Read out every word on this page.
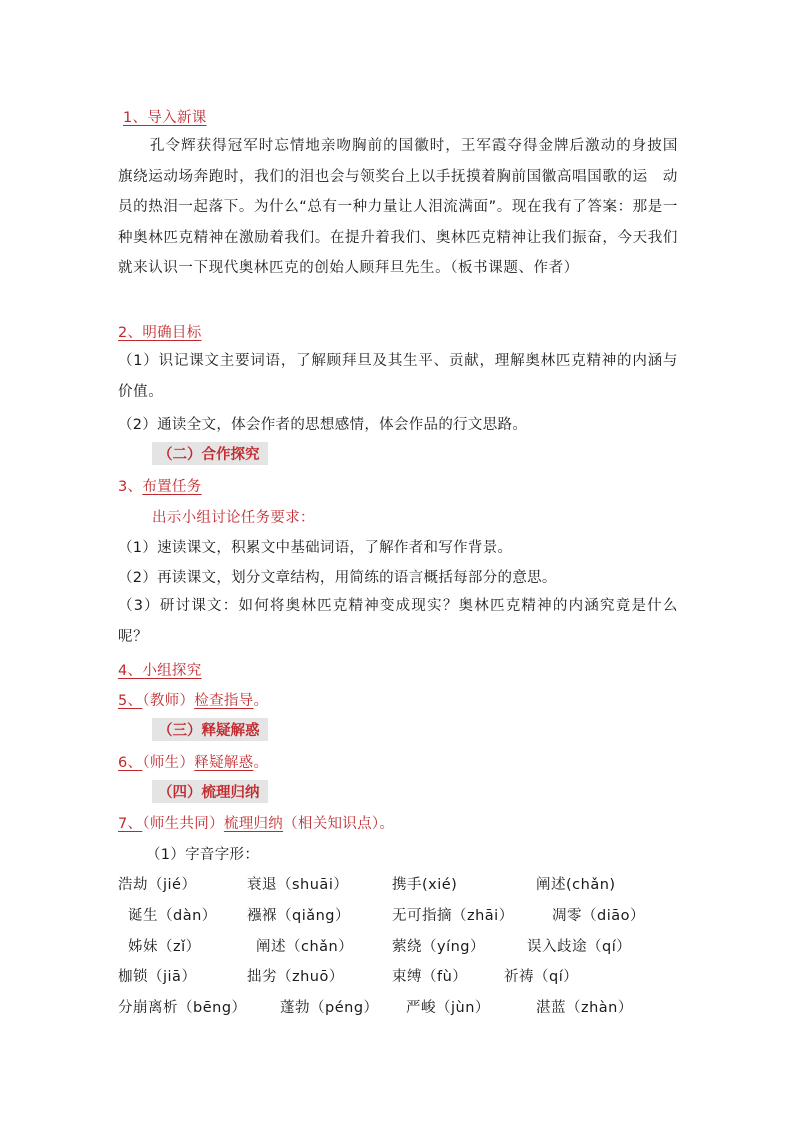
1、导入新课

孔令辉获得冠军时忘情地亲吻胸前的国徽时，王军霞夺得金牌后激动的身披国旗绕运动场奔跑时，我们的泪也会与领奖台上以手抚摸着胸前国徽高唱国歌的运　动员的热泪一起落下。为什么“总有一种力量让人泪流满面”。现在我有了答案：那是一种奥林匹克精神在激励着我们。在提升着我们、奥林匹克精神让我们振奋，今天我们就来认识一下现代奥林匹克的创始人顾拜旦先生。（板书课题、作者）

2、明确目标

（1）识记课文主要词语，了解顾拜旦及其生平、贡献，理解奥林匹克精神的内涵与价值。

（2）通读全文，体会作者的思想感情，体会作品的行文思路。
（二）合作探究
3、布置任务
出示小组讨论任务要求：
（1）速读课文，积累文中基础词语，了解作者和写作背景。
（2）再读课文，划分文章结构，用简练的语言概括每部分的意思。

（3）研讨课文：如何将奥林匹克精神变成现实？奥林匹克精神的内涵究竟是什么呢？

4、小组探究
5、（教师）检查指导。
（三）释疑解惑
6、（师生）释疑解惑。
（四）梳理归纳
7、（师生共同）梳理归纳（相关知识点）。
（1）字音字形：
浩劫（jié）	衰退（shuāi）	携手(xié)	阐述(chǎn)
诞生（dàn） 襁褓（qiǎng）	无可指摘（zhāi）	凋零（diāo）
姊妹（zǐ）	阐述（chǎn）	萦绕（yíng）	误入歧途（qí）
枷锁（jiā）	拙劣（zhuō）	束缚（fù）	祈祷（qí）
分崩离析（bēng） 蓬勃（péng） 严峻（jùn）	湛蓝（zhàn）
